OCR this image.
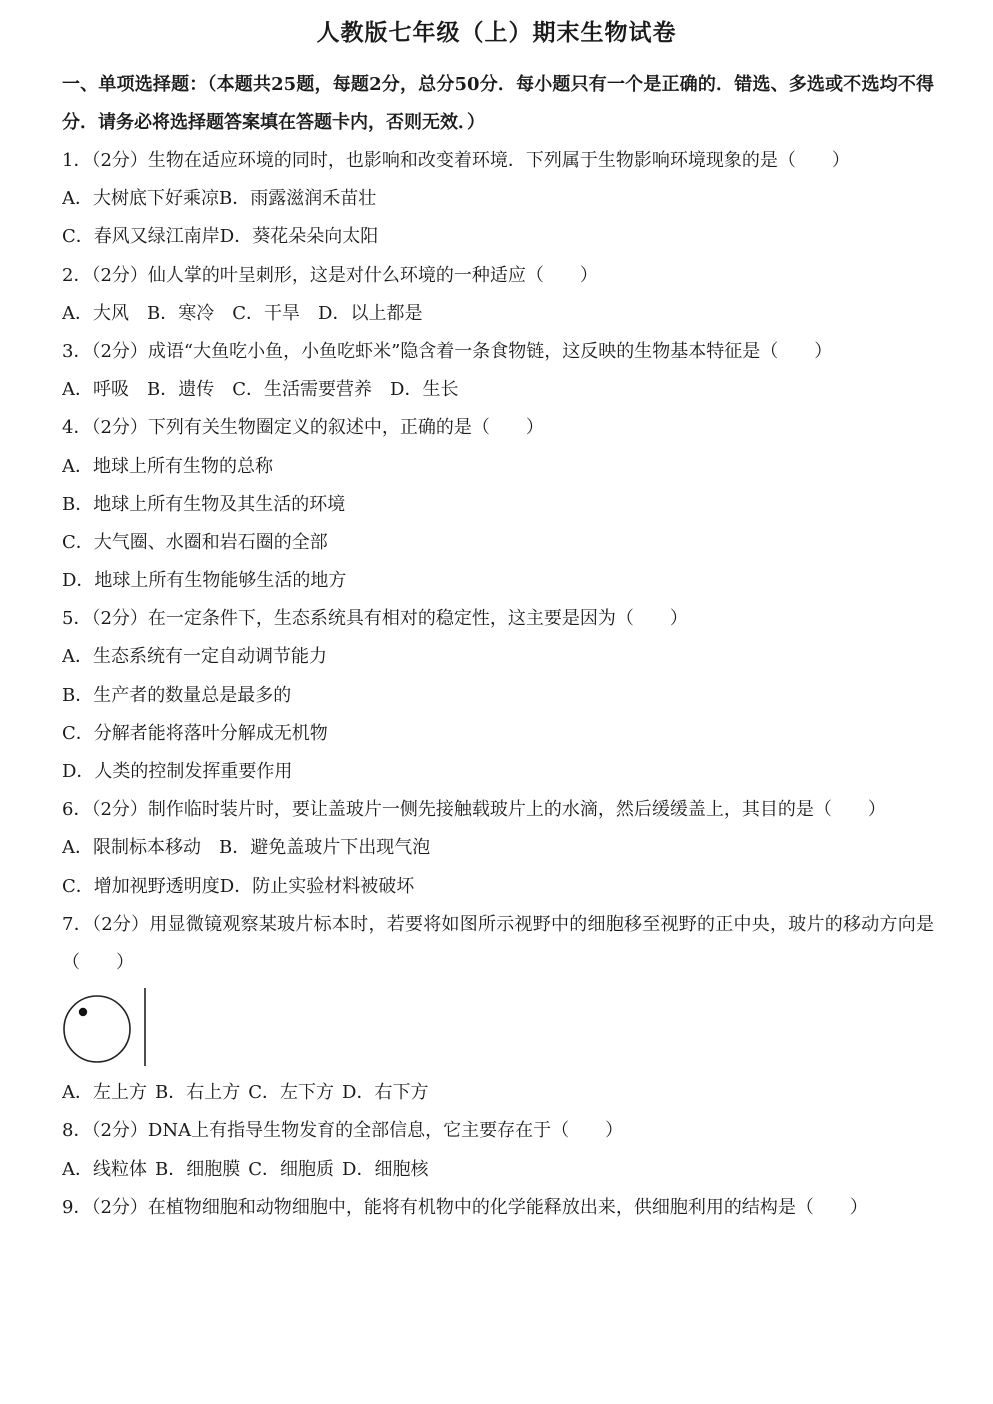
人教版七年级（上）期末生物试卷
一、单项选择题：（本题共25题，每题2分，总分50分．每小题只有一个是正确的．错选、多选或不选均不得分．请务必将选择题答案填在答题卡内，否则无效．）
1．（2分）生物在适应环境的同时，也影响和改变着环境．下列属于生物影响环境现象的是（　　）
A．大树底下好乘凉B．雨露滋润禾苗壮
C．春风又绿江南岸D．葵花朵朵向太阳
2．（2分）仙人掌的叶呈刺形，这是对什么环境的一种适应（　　）
A．大风 B．寒冷 C．干旱 D．以上都是
3．（2分）成语“大鱼吃小鱼，小鱼吃虾米”隐含着一条食物链，这反映的生物基本特征是（　　）
A．呼吸 B．遗传 C．生活需要营养 D．生长
4．（2分）下列有关生物圈定义的叙述中，正确的是（　　）
A．地球上所有生物的总称
B．地球上所有生物及其生活的环境
C．大气圈、水圈和岩石圈的全部
D．地球上所有生物能够生活的地方
5．（2分）在一定条件下，生态系统具有相对的稳定性，这主要是因为（　　）
A．生态系统有一定自动调节能力
B．生产者的数量总是最多的
C．分解者能将落叶分解成无机物
D．人类的控制发挥重要作用
6．（2分）制作临时装片时，要让盖玻片一侧先接触载玻片上的水滴，然后缓缓盖上，其目的是（　　）
A．限制标本移动 B．避免盖玻片下出现气泡
C．增加视野透明度D．防止实验材料被破坏
7．（2分）用显微镜观察某玻片标本时，若要将如图所示视野中的细胞移至视野的正中央，玻片的移动方向是（　　）
A．左上方 B．右上方 C．左下方 D．右下方
8．（2分）DNA上有指导生物发育的全部信息，它主要存在于（　　）
A．线粒体 B．细胞膜 C．细胞质 D．细胞核
9．（2分）在植物细胞和动物细胞中，能将有机物中的化学能释放出来，供细胞利用的结构是（　　）
